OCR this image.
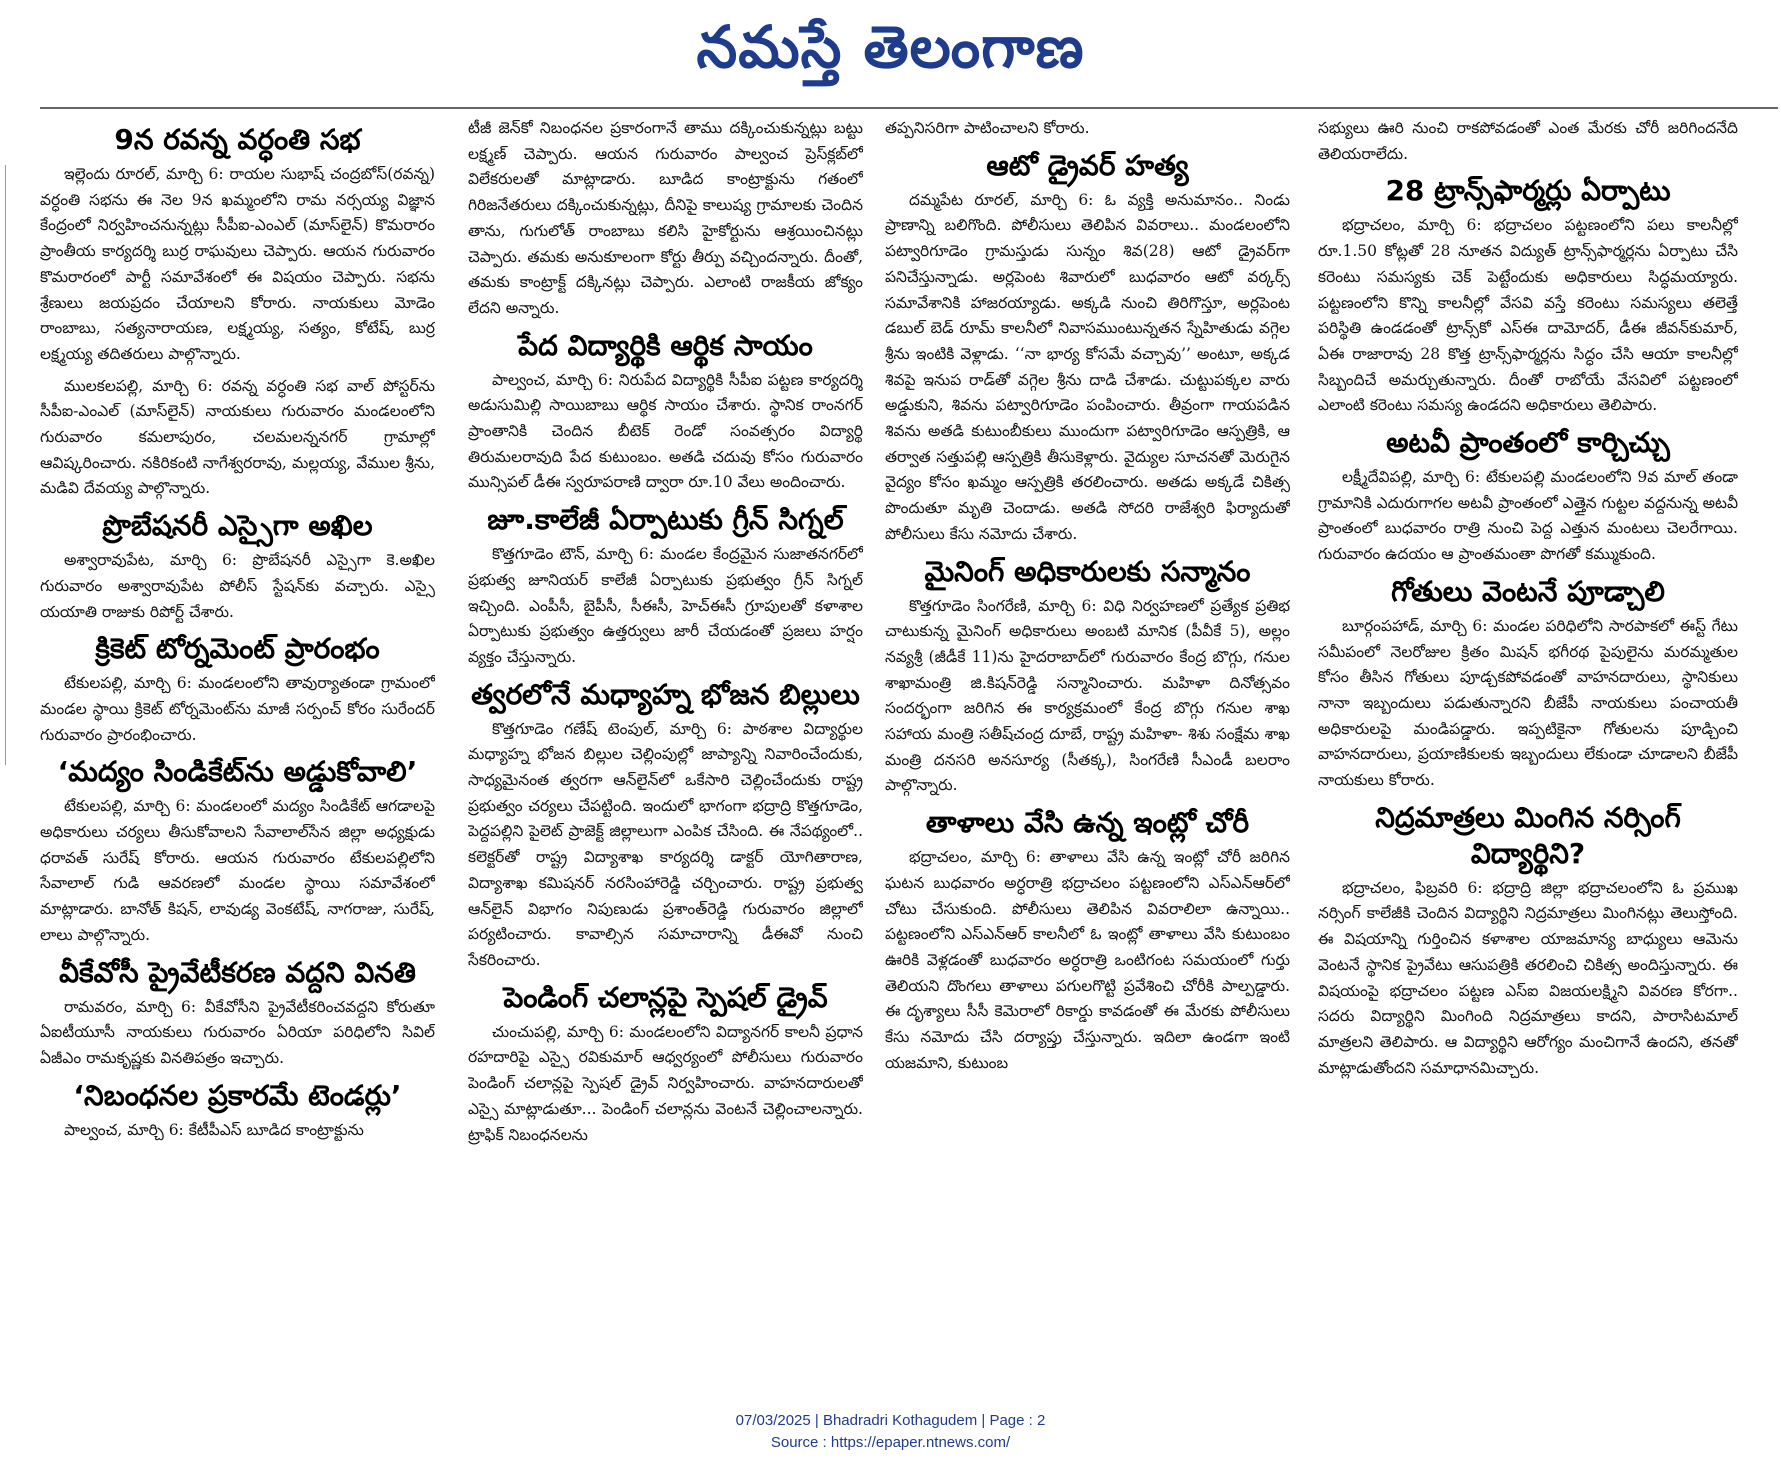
నమస్తే తెలంగాణ
9న రవన్న వర్ధంతి సభ
ఇల్లెందు రూరల్, మార్చి 6: రాయల సుభాష్ చంద్రబోస్(రవన్న) వర్ధంతి సభను ఈ నెల 9న ఖమ్మంలోని రామ నర్సయ్య విజ్ఞాన కేంద్రంలో నిర్వహించనున్నట్లు సీపీఐ-ఎంఎల్ (మాస్‌లైన్) కొమరారం ప్రాంతీయ కార్యదర్శి బుర్ర రాఘవులు చెప్పారు. ఆయన గురువారం కొమరారంలో పార్టీ సమావేశంలో ఈ విషయం చెప్పారు. సభను శ్రేణులు జయప్రదం చేయాలని కోరారు. నాయకులు మోడెం రాంబాబు, సత్యనారాయణ, లక్ష్మయ్య, సత్యం, కోటేష్, బుర్ర లక్ష్మయ్య తదితరులు పాల్గొన్నారు.
ములకలపల్లి, మార్చి 6: రవన్న వర్ధంతి సభ వాల్ పోస్టర్‌ను సీపీఐ-ఎంఎల్ (మాస్‌లైన్) నాయకులు గురువారం మండలంలోని గురువారం కమలాపురం, చలమలన్ననగర్ గ్రామాల్లో ఆవిష్కరించారు. నకిరికంటి నాగేశ్వరరావు, మల్లయ్య, వేముల శ్రీను, మడివి దేవయ్య పాల్గొన్నారు.
ప్రొబేషనరీ ఎస్సైగా అఖిల
అశ్వారావుపేట, మార్చి 6: ప్రొబేషనరీ ఎస్సైగా కె.అఖిల గురువారం అశ్వారావుపేట పోలీస్ స్టేషన్‌కు వచ్చారు. ఎస్సై యయాతి రాజుకు రిపోర్ట్ చేశారు.
క్రికెట్ టోర్నమెంట్ ప్రారంభం
టేకులపల్లి, మార్చి 6: మండలంలోని తావుర్యాతండా గ్రామంలో మండల స్థాయి క్రికెట్ టోర్నమెంట్‌ను మాజీ సర్పంచ్ కోరం సురేందర్ గురువారం ప్రారంభించారు.
‘మద్యం సిండికేట్‌ను అడ్డుకోవాలి’
టేకులపల్లి, మార్చి 6: మండలంలో మద్యం సిండికేట్ ఆగడాలపై అధికారులు చర్యలు తీసుకోవాలని సేవాలాల్‌సేన జిల్లా అధ్యక్షుడు ధరావత్ సురేష్ కోరారు. ఆయన గురువారం టేకులపల్లిలోని సేవాలాల్ గుడి ఆవరణలో మండల స్థాయి సమావేశంలో మాట్లాడారు. బానోత్ కిషన్, లావుడ్య వెంకటేష్, నాగరాజు, సురేష్, లాలు పాల్గొన్నారు.
వీకేవోసీ ప్రైవేటీకరణ వద్దని వినతి
రామవరం, మార్చి 6: వీకేవోసీని ప్రైవేటీకరించవద్దని కోరుతూ ఏఐటీయూసీ నాయకులు గురువారం ఏరియా పరిధిలోని సివిల్ ఏజీఎం రామకృష్ణకు వినతిపత్రం ఇచ్చారు.
‘నిబంధనల ప్రకారమే టెండర్లు’
పాల్వంచ, మార్చి 6: కేటీపీఎస్ బూడిద కాంట్రాక్టును
టీజీ జెన్‌కో నిబంధనల ప్రకారంగానే తాము దక్కించుకున్నట్లు బట్టు లక్ష్మణ్ చెప్పారు. ఆయన గురువారం పాల్వంచ ప్రెస్‌క్లబ్‌లో విలేకరులతో మాట్లాడారు. బూడిద కాంట్రాక్టును గతంలో గిరిజనేతరులు దక్కించుకున్నట్లు, దీనిపై కాలుష్య గ్రామాలకు చెందిన తాను, గుగులోత్ రాంబాబు కలిసి హైకోర్టును ఆశ్రయించినట్లు చెప్పారు. తమకు అనుకూలంగా కోర్టు తీర్పు వచ్చిందన్నారు. దీంతో, తమకు కాంట్రాక్ట్ దక్కినట్లు చెప్పారు. ఎలాంటి రాజకీయ జోక్యం లేదని అన్నారు.
పేద విద్యార్థికి ఆర్థిక సాయం
పాల్వంచ, మార్చి 6: నిరుపేద విద్యార్థికి సీపీఐ పట్టణ కార్యదర్శి అడుసుమిల్లి సాయిబాబు ఆర్థిక సాయం చేశారు. స్థానిక రాంనగర్ ప్రాంతానికి చెందిన బీటెక్ రెండో సంవత్సరం విద్యార్థి తిరుమలరావుది పేద కుటుంబం. అతడి చదువు కోసం గురువారం మున్సిపల్ డీఈ స్వరూపరాణి ద్వారా రూ.10 వేలు అందించారు.
జూ.కాలేజీ ఏర్పాటుకు గ్రీన్ సిగ్నల్
కొత్తగూడెం టౌన్, మార్చి 6: మండల కేంద్రమైన సుజాతనగర్‌లో ప్రభుత్వ జూనియర్ కాలేజీ ఏర్పాటుకు ప్రభుత్వం గ్రీన్ సిగ్నల్ ఇచ్చింది. ఎంపీసీ, బైపీసీ, సీఈసీ, హెచ్‌ఈసీ గ్రూపులతో కళాశాల ఏర్పాటుకు ప్రభుత్వం ఉత్తర్వులు జారీ చేయడంతో ప్రజలు హర్షం వ్యక్తం చేస్తున్నారు.
త్వరలోనే మధ్యాహ్న భోజన బిల్లులు
కొత్తగూడెం గణేష్ టెంపుల్, మార్చి 6: పాఠశాల విద్యార్థుల మధ్యాహ్న భోజన బిల్లుల చెల్లింపుల్లో జాప్యాన్ని నివారించేందుకు, సాధ్యమైనంత త్వరగా ఆన్‌లైన్‌లో ఒకేసారి చెల్లించేందుకు రాష్ట్ర ప్రభుత్వం చర్యలు చేపట్టింది. ఇందులో భాగంగా భద్రాద్రి కొత్తగూడెం, పెద్దపల్లిని పైలెట్ ప్రాజెక్ట్ జిల్లాలుగా ఎంపిక చేసింది. ఈ నేపథ్యంలో.. కలెక్టర్‌తో రాష్ట్ర విద్యాశాఖ కార్యదర్శి డాక్టర్ యోగితారాణ, విద్యాశాఖ కమిషనర్ నరసింహారెడ్డి చర్చించారు. రాష్ట్ర ప్రభుత్వ ఆన్‌లైన్ విభాగం నిపుణుడు ప్రశాంత్‌రెడ్డి గురువారం జిల్లాలో పర్యటించారు. కావాల్సిన సమాచారాన్ని డీఈవో నుంచి సేకరించారు.
పెండింగ్ చలాన్లపై స్పెషల్ డ్రైవ్
చుంచుపల్లి, మార్చి 6: మండలంలోని విద్యానగర్ కాలనీ ప్రధాన రహదారిపై ఎస్సై రవికుమార్ ఆధ్వర్యంలో పోలీసులు గురువారం పెండింగ్ చలాన్లపై స్పెషల్ డ్రైవ్ నిర్వహించారు. వాహనదారులతో ఎస్సై మాట్లాడుతూ... పెండింగ్ చలాన్లను వెంటనే చెల్లించాలన్నారు. ట్రాఫిక్ నిబంధనలను
తప్పనిసరిగా పాటించాలని కోరారు.
ఆటో డ్రైవర్ హత్య
దమ్మపేట రూరల్, మార్చి 6: ఓ వ్యక్తి అనుమానం.. నిండు ప్రాణాన్ని బలిగొంది. పోలీసులు తెలిపిన వివరాలు.. మండలంలోని పట్వారిగూడెం గ్రామస్తుడు సున్నం శివ(28) ఆటో డ్రైవర్‌గా పనిచేస్తున్నాడు. అర్లపెంట శివారులో బుధవారం ఆటో వర్కర్స్ సమావేశానికి హాజరయ్యాడు. అక్కడి నుంచి తిరిగొస్తూ, అర్లపెంట డబుల్ బెడ్ రూమ్ కాలనీలో నివాసముంటున్నతన స్నేహితుడు వగ్గెల శ్రీను ఇంటికి వెళ్లాడు. ‘‘నా భార్య కోసమే వచ్చావు’’ అంటూ, అక్కడ శివపై ఇనుప రాడ్‌తో వగ్గెల శ్రీను దాడి చేశాడు. చుట్టుపక్కల వారు అడ్డుకుని, శివను పట్వారిగూడెం పంపించారు. తీవ్రంగా గాయపడిన శివను అతడి కుటుంబీకులు ముందుగా పట్వారిగూడెం ఆస్పత్రికి, ఆ తర్వాత సత్తుపల్లి ఆస్పత్రికి తీసుకెళ్లారు. వైద్యుల సూచనతో మెరుగైన వైద్యం కోసం ఖమ్మం ఆస్పత్రికి తరలించారు. అతడు అక్కడే చికిత్స పొందుతూ మృతి చెందాడు. అతడి సోదరి రాజేశ్వరి ఫిర్యాదుతో పోలీసులు కేసు నమోదు చేశారు.
మైనింగ్ అధికారులకు సన్మానం
కొత్తగూడెం సింగరేణి, మార్చి 6: విధి నిర్వహణలో ప్రత్యేక ప్రతిభ చాటుకున్న మైనింగ్ అధికారులు అంబటి మానిక (పీవీకే 5), అల్లం నవ్యశ్రీ (జీడీకే 11)ను హైదరాబాద్‌లో గురువారం కేంద్ర బొగ్గు, గనుల శాఖామంత్రి జి.కిషన్‌రెడ్డి సన్మానించారు. మహిళా దినోత్సవం సందర్భంగా జరిగిన ఈ కార్యక్రమంలో కేంద్ర బొగ్గు గనుల శాఖ సహాయ మంత్రి సతీష్‌చంద్ర దూబే, రాష్ట్ర మహిళా- శిశు సంక్షేమ శాఖ మంత్రి దనసరి అనసూర్య (సీతక్క), సింగరేణి సీఎండీ బలరాం పాల్గొన్నారు.
తాళాలు వేసి ఉన్న ఇంట్లో చోరీ
భద్రాచలం, మార్చి 6: తాళాలు వేసి ఉన్న ఇంట్లో చోరీ జరిగిన ఘటన బుధవారం అర్ధరాత్రి భద్రాచలం పట్టణంలోని ఎస్ఎన్ఆర్‌లో చోటు చేసుకుంది. పోలీసులు తెలిపిన వివరాలిలా ఉన్నాయి.. పట్టణంలోని ఎస్ఎన్ఆర్ కాలనీలో ఓ ఇంట్లో తాళాలు వేసి కుటుంబం ఊరికి వెళ్లడంతో బుధవారం అర్ధరాత్రి ఒంటిగంట సమయంలో గుర్తు తెలియని దొంగలు తాళాలు పగులగొట్టి ప్రవేశించి చోరీకి పాల్పడ్డారు. ఈ దృశ్యాలు సీసీ కెమెరాలో రికార్డు కావడంతో ఈ మేరకు పోలీసులు కేసు నమోదు చేసి దర్యాప్తు చేస్తున్నారు. ఇదిలా ఉండగా ఇంటి యజమాని, కుటుంబ
సభ్యులు ఊరి నుంచి రాకపోవడంతో ఎంత మేరకు చోరీ జరిగిందనేది తెలియరాలేదు.
28 ట్రాన్స్‌ఫార్మర్లు ఏర్పాటు
భద్రాచలం, మార్చి 6: భద్రాచలం పట్టణంలోని పలు కాలనీల్లో రూ.1.50 కోట్లతో 28 నూతన విద్యుత్ ట్రాన్స్‌ఫార్మర్లను ఏర్పాటు చేసి కరెంటు సమస్యకు చెక్ పెట్టేందుకు అధికారులు సిద్ధమయ్యారు. పట్టణంలోని కొన్ని కాలనీల్లో వేసవి వస్తే కరెంటు సమస్యలు తలెత్తే పరిస్థితి ఉండడంతో ట్రాన్స్‌కో ఎస్ఈ దామోదర్, డీఈ జీవన్‌కుమార్, ఏఈ రాజారావు 28 కొత్త ట్రాన్స్‌ఫార్మర్లను సిద్ధం చేసి ఆయా కాలనీల్లో సిబ్బందిచే అమర్చుతున్నారు. దీంతో రాబోయే వేసవిలో పట్టణంలో ఎలాంటి కరెంటు సమస్య ఉండదని అధికారులు తెలిపారు.
అటవీ ప్రాంతంలో కార్చిచ్చు
లక్ష్మీదేవిపల్లి, మార్చి 6: టేకులపల్లి మండలంలోని 9వ మాల్ తండా గ్రామానికి ఎదురుగాగల అటవీ ప్రాంతంలో ఎత్తైన గుట్టల వద్దనున్న అటవీ ప్రాంతంలో బుధవారం రాత్రి నుంచి పెద్ద ఎత్తున మంటలు చెలరేగాయి. గురువారం ఉదయం ఆ ప్రాంతమంతా పొగతో కమ్ముకుంది.
గోతులు వెంటనే పూడ్చాలి
బూర్గంపహాడ్, మార్చి 6: మండల పరిధిలోని సారపాకలో ఈస్ట్ గేటు సమీపంలో నెలరోజుల క్రితం మిషన్ భగీరథ పైపులైను మరమ్మతుల కోసం తీసిన గోతులు పూడ్చకపోవడంతో వాహనదారులు, స్థానికులు నానా ఇబ్బందులు పడుతున్నారని బీజేపీ నాయకులు పంచాయతీ అధికారులపై మండిపడ్డారు. ఇప్పటికైనా గోతులను పూడ్చించి వాహనదారులు, ప్రయాణికులకు ఇబ్బందులు లేకుండా చూడాలని బీజేపీ నాయకులు కోరారు.
నిద్రమాత్రలు మింగిన నర్సింగ్ విద్యార్థిని?
భద్రాచలం, ఫిబ్రవరి 6: భద్రాద్రి జిల్లా భద్రాచలంలోని ఓ ప్రముఖ నర్సింగ్ కాలేజీకి చెందిన విద్యార్థిని నిద్రమాత్రలు మింగినట్లు తెలుస్తోంది. ఈ విషయాన్ని గుర్తించిన కళాశాల యాజమాన్య బాధ్యులు ఆమెను వెంటనే స్థానిక ప్రైవేటు ఆసుపత్రికి తరలించి చికిత్స అందిస్తున్నారు. ఈ విషయంపై భద్రాచలం పట్టణ ఎస్ఐ విజయలక్ష్మిని వివరణ కోరగా.. సదరు విద్యార్థిని మింగింది నిద్రమాత్రలు కాదని, పారాసిటమాల్ మాత్రలని తెలిపారు. ఆ విద్యార్థిని ఆరోగ్యం మంచిగానే ఉందని, తనతో మాట్లాడుతోందని సమాధానమిచ్చారు.
07/03/2025 | Bhadradri Kothagudem | Page : 2
Source : https://epaper.ntnews.com/
